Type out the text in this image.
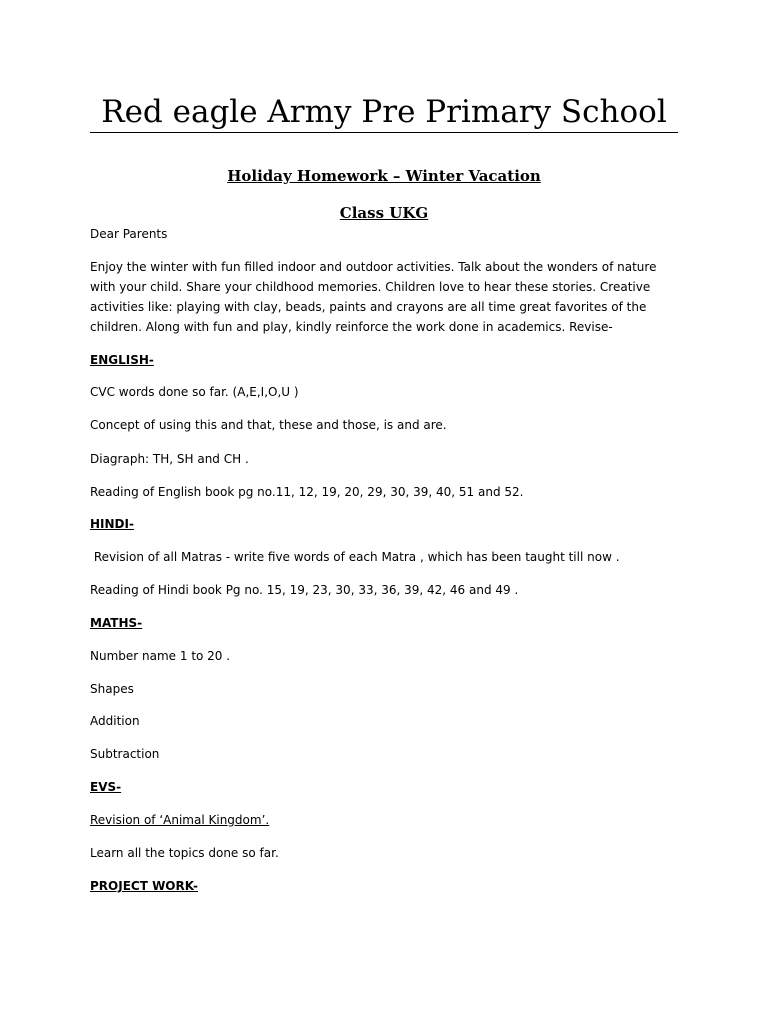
Red eagle Army Pre Primary School
Holiday Homework – Winter Vacation
Class UKG
Dear Parents

Enjoy the winter with fun filled indoor and outdoor activities. Talk about the wonders of nature with your child. Share your childhood memories. Children love to hear these stories. Creative activities like: playing with clay, beads, paints and crayons are all time great favorites of the children. Along with fun and play, kindly reinforce the work done in academics. Revise-

ENGLISH-
CVC words done so far. (A,E,I,O,U )
Concept of using this and that, these and those, is and are.
Diagraph: TH, SH and CH .
Reading of English book pg no.11, 12, 19, 20, 29, 30, 39, 40, 51 and 52.
HINDI-
Revision of all Matras - write five words of each Matra , which has been taught till now .
Reading of Hindi book Pg no. 15, 19, 23, 30, 33, 36, 39, 42, 46 and 49 .
MATHS-
Number name 1 to 20 .
Shapes
Addition
Subtraction
EVS-
Revision of ‘Animal Kingdom’.
Learn all the topics done so far.
PROJECT WORK-
